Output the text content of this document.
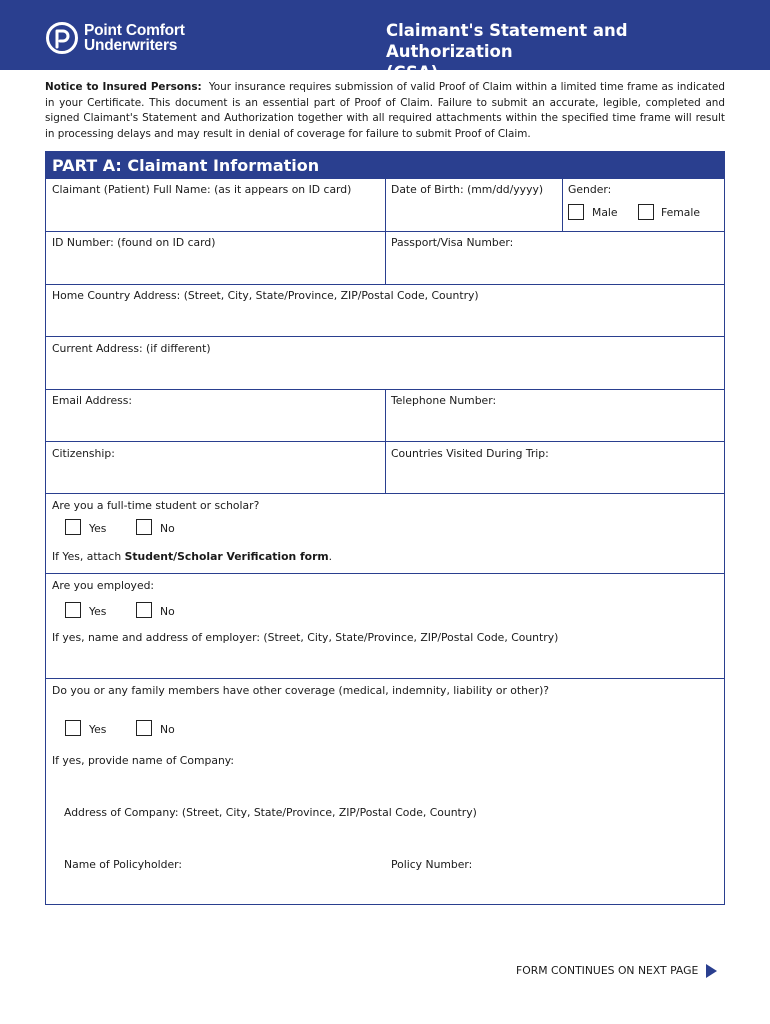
Point Comfort
Underwriters
Claimant's Statement and Authorization
(CSA)
Notice to Insured Persons: Your insurance requires submission of valid Proof of Claim within a limited time frame as indicated in your Certificate. This document is an essential part of Proof of Claim. Failure to submit an accurate, legible, completed and signed Claimant's Statement and Authorization together with all required attachments within the specified time frame will result in processing delays and may result in denial of coverage for failure to submit Proof of Claim.
PART A: Claimant Information
Claimant (Patient) Full Name: (as it appears on ID card)	Date of Birth: (mm/dd/yyyy) Gender:
Male	Female
ID Number: (found on ID card)	Passport/Visa Number:
Home Country Address: (Street, City, State/Province, ZIP/Postal Code, Country)
Current Address: (if different)
Email Address:	Telephone Number:
Citizenship:	Countries Visited During Trip:
Are you a full-time student or scholar?
Yes	No
If Yes, attach Student/Scholar Verification form.
Are you employed:
Yes	No
If yes, name and address of employer: (Street, City, State/Province, ZIP/Postal Code, Country)
Do you or any family members have other coverage (medical, indemnity, liability or other)?
Yes	No
If yes, provide name of Company:
Address of Company: (Street, City, State/Province, ZIP/Postal Code, Country)
Name of Policyholder:	Policy Number:
FORM CONTINUES ON NEXT PAGE
